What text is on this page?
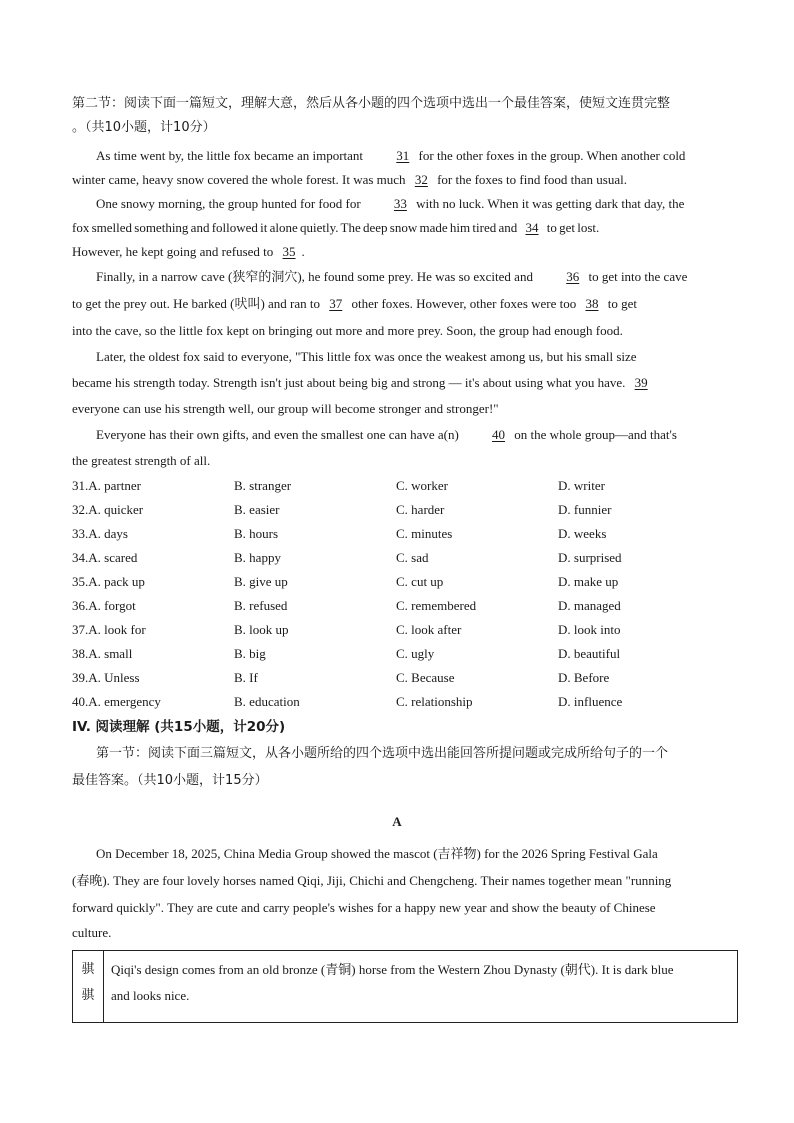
第二节：阅读下面一篇短文，理解大意，然后从各小题的四个选项中选出一个最佳答案，使短文连贯完整
。（共10小题，计10分）
As time went by, the little fox became an important	31 for the other foxes in the group. When another cold
winter came, heavy snow covered the whole forest. It was much 32 for the foxes to find food than usual.
One snowy morning, the group hunted for food for	33 with no luck. When it was getting dark that day, the
fox smelled something and followed it alone quietly. The deep snow made him tired and 34 to get lost.
However, he kept going and refused to 35 .
Finally, in a narrow cave (狭窄的洞穴), he found some prey. He was so excited and	36 to get into the cave
to get the prey out. He barked (吠叫) and ran to 37 other foxes. However, other foxes were too 38 to get
into the cave, so the little fox kept on bringing out more and more prey. Soon, the group had enough food.
Later, the oldest fox said to everyone, "This little fox was once the weakest among us, but his small size
became his strength today. Strength isn't just about being big and strong — it's about using what you have. 39
everyone can use his strength well, our group will become stronger and stronger!"
Everyone has their own gifts, and even the smallest one can have a(n)	40 on the whole group—and that's
the greatest strength of all.
31.A. partner	B. stranger	C. worker	D. writer
32.A. quicker	B. easier	C. harder	D. funnier
33.A. days	B. hours	C. minutes	D. weeks
34.A. scared	B. happy	C. sad	D. surprised
35.A. pack up	B. give up	C. cut up	D. make up
36.A. forgot	B. refused	C. remembered	D. managed
37.A. look for	B. look up	C. look after	D. look into
38.A. small	B. big	C. ugly	D. beautiful
39.A. Unless	B. If	C. Because	D. Before
40.A. emergency	B. education	C. relationship	D. influence
IV. 阅读理解 (共15小题，计20分)
第一节：阅读下面三篇短文，从各小题所给的四个选项中选出能回答所提问题或完成所给句子的一个
最佳答案。（共10小题，计15分）
A
On December 18, 2025, China Media Group showed the mascot (吉祥物) for the 2026 Spring Festival Gala
(春晚). They are four lovely horses named Qiqi, Jiji, Chichi and Chengcheng. Their names together mean "running
forward quickly". They are cute and carry people's wishes for a happy new year and show the beauty of Chinese
culture.
骐
骐
Qiqi's design comes from an old bronze (青铜) horse from the Western Zhou Dynasty (朝代). It is dark blue
and looks nice.
